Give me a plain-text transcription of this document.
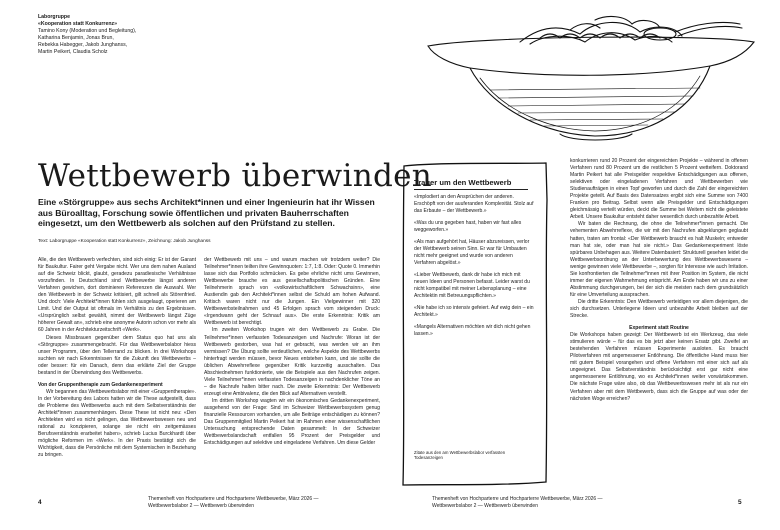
Laborgruppe
«Kooperation statt Konkurrenz»
Tamino Kony (Moderation und Begleitung),
Katharina Benjamin, Jonas Brun,
Rebekka Habegger, Jakob Junghanss,
Martin Peikert, Claudia Scholz
Wettbewerb überwinden
Eine «Störgruppe» aus sechs Architekt*innen und einer Ingenieurin hat ihr Wissen aus Büroalltag, Forschung sowie öffentlichen und privaten Bauherrschaften eingesetzt, um den Wettbewerb als solchen auf den Prüfstand zu stellen.
Text: Laborgruppe «Kooperation statt Konkurrenz», Zeichnung: Jakob Junghanss

Alle, die den Wettbewerb verfechten, sind sich einig: Er ist der Garant für Baukultur. Fairer geht Vergabe nicht. Wer uns dem nahen Ausland auf die Schweiz blickt, glaubt, geradezu paradiesische Verhältnisse vorzufinden. In Deutschland sind Wettbewerbe längst anderen Verfahren gewichen, dort dominieren Referenzen die Auswahl. Wer den Wettbewerb in der Schweiz kritisiert, gilt schnell als Störenfried. Und doch: Viele Architekt*innen fühlen sich ausgelaugt, operieren am Limit. Und der Output ist oftmals im Verhältnis zu den Ergebnissen. «Ursprünglich selbst gewählt, nimmt der Wettbewerb längst Züge höherer Gewalt an», schrieb eine anonyme Autorin schon vor mehr als 60 Jahren in der Architekturzeitschrift «Werk».

Dieses Missbrauen gegenüber dem Status quo hat uns als «Störgruppe» zusammengebracht. Für das Wettbewerbslabor hiess unser Programm, über den Tellerrand zu blicken. In drei Workshops suchten wir nach Erkenntnissen für die Zukunft des Wettbewerbs – oder besser: für ein Danach, denn das erklärte Ziel der Gruppe bestand in der Überwindung des Wettbewerbs.

Von der Gruppentherapie zum Gedankenexperiment

Wir begannen das Wettbewerbslabor mit einer «Gruppentherapie». In der Vorbereitung des Labors hatten wir die These aufgestellt, dass die Probleme des Wettbewerbs auch mit dem Selbstverständnis der Architekt*innen zusammenhängen. Diese These ist nicht neu: «Den Architekten wird es nicht gelingen, das Wettbewerbswesen neu und rational zu konzipieren, solange sie nicht ein zeitgemässes Berufsverständnis erarbeitet haben», schrieb Lucius Burckhardt über mögliche Reformen im «Werk». In der Praxis bestätigt sich die Wichtigkeit, dass die Persönliche mit dem Systemischen in Beziehung zu bringen.

der Wettbewerb mit uns – und warum machen wir trotzdem weiter? Die Teilnehmer*innen teilten ihre Gewinnquoten: 1:7, 1:8. Oder: Quote 0. Immerhin lasse sich das Portfolio schmücken. Es gebe ehrliche nicht ums Gewinnen, Wettbewerbe brauche es aus gesellschaftspolitischen Gründen. Eine Teilnehmerin sprach von «volkswirtschaftlichem Schwachsinn», eine Austiendin gab den Architekt*innen selbst die Schuld am hohen Aufwand. Kritisch waren nicht nur die Jungen. Ein Vielgewinner mit 320 Wettbewerbsteilnahmen und 45 Erfolgen sprach vom steigenden Druck: «Irgendwann geht der Schnauf aus». Die erste Erkenntnis: Kritik am Wettbewerb ist berechtigt.

Im zweiten Workshop trugen wir den Wettbewerb zu Grabe. Die Teilnehmer*innen verfassten Todesanzeigen und Nachrufe: Woran ist der Wettbewerb gestorben, was hat er gebracht, was werden wir an ihm vermissen? Die Übung sollte verdeutlichen, welche Aspekte des Wettbewerbs hinterfragt werden müssen, bevor Neues entstehen kann, und sie sollte die üblichen Abwehrreflexe gegenüber Kritik kurzzeitig ausschalten. Das Abschiednehmen funktionierte, wie die Beispiele aus den Nachrufen zeigen. Viele Teilnehmer*innen verfassten Todesanzeigen in nachdenklicher Töne an – die Nachrufe halten bitter nach. Die zweite Erkenntnis: Der Wettbewerb erzeugt eine Ambivalenz, die den Blick auf Alternativen verstellt.

Im dritten Workshop wagten wir ein ökonomisches Gedankenexperiment, ausgehend von der Frage: Sind im Schweizer Wettbewerbssystem genug finanzielle Ressourcen vorhanden, um alle Beiträge entschädigen zu können? Das Gruppenmitglied Martin Peikert hat im Rahmen einer wissenschaftlichen Untersuchung entsprechende Daten gesammelt: In der Schweizer Wettbewerbslandschaft entfallen 95 Prozent der Preisgelder und Entschädigungen auf selektive und eingeladene Verfahren. Um diese Gelder

Trauer um den Wettbewerb

«Implodiert an den Ansprüchen der anderen. Erschöpft von der auuferanden Komplexität. Stolz auf das Erbaute – der Wettbewerb.»

«Was du uns gegeben hast, haben wir fast alles weggeworfen.»

«Als man aufgehört hat, Häuser abzureissen, verlor der Wettbewerb seinen Sinn. Er war für Umbauten nicht mehr geeignet und wurde von anderen Verfahren abgelöst.»

«Lieber Wettbewerb, dank dir habe ich mich mit neuen Ideen und Personen befasst. Leider warst du nicht kompatibel mit meiner Lebensplanung – eine Architektin mit Betreuungspflichten.»

«Nie habe ich so intensiv gefeiert. Auf ewig dein – ein Architekt.»

«Mangels Alternativen möchten wir dich nicht gehen lassen.»

Zitate aus den am Wettbewerbslabor verfassten Todesanzeigen

konkurrieren rund 20 Prozent der eingereichten Projekte – während in offenen Verfahren rund 80 Prozent um die restlichen 5 Prozent wetteifern. Doktorand Martin Peikert hat alle Preisgelder respektive Entschädigungen aus offenen, selektiven oder eingeladenen Verfahren und Wettbewerben wie Studienaufträgen in einen Topf geworfen und durch die Zahl der eingereichten Projekte geteilt. Auf Basis des Datensatzes ergibt sich eine Summe von 7400 Franken pro Beitrag. Selbst wenn alle Preisgelder und Entschädigungen gleichmässig verteilt würden, deckt die Summe bei Weitem nicht die geleistete Arbeit. Unsere Baukultur entsteht daher wesentlich durch unbezahlte Arbeit.

Wir baten die Rechnung, die ohne die Teilnehmer*innen gemacht. Die vehementen Abwehrreflexe, die wir mit den Nachrufen abgeklungen geglaubt hatten, traten am frontal: «Der Wettbewerb braucht es halt Muskeln; entweder man hat sie, oder man hat sie nicht.» Das Gedankenexperiment löste spürbares Unbehagen aus. Weitere Datenbasiert: Strukturell gesehen leidet die Wettbewerbsordnung an der Unterbewertung des Wettbewerbswesens – wenige gewinnen viele Wettbewerbe –, sorgten für Interesse wie auch Irritation. Sie konfrontierten die Teilnehmer*innen mit ihrer Position im System, die nicht immer der eigenen Wahrnehmung entspricht. Am Ende haben wir uns zu einer Abstimmung durchgerungen, bei der sich die meisten nach dem grundsätzlich für eine Umverteilung aussprachen.

Die dritte Erkenntnis: Den Wettbewerb verteidigen vor allem diejenigen, die sich durchsetzen. Unterlegene Ideen und unbezahlte Arbeit bleiben auf der Strecke.

Experiment statt Routine

Die Workshops haben gezeigt: Der Wettbewerb ist ein Werkzeug, das viele stimulieren würde – für das es bis jetzt aber keinen Ersatz gibt. Zweifel an bestehenden Verfahren müssen Experimente ausloten. Es braucht Pilotverfahren mit angemessener Entlöhnung. Die öffentliche Hand muss hier mit gutem Beispiel vorangehen und offene Verfahren mit einer sich auf als ungeeignet. Das Selbstverständnis berücksichtigt erst gar nicht eine angemessenere Entlöhnung, wo es Architekt*innen weiter vorwärtskommen. Die nächste Frage wäre also, ob das Wettbewerbswesen mehr ist als nur ein Verfahren aber mit dem Wettbewerb, dass sich die Gruppe auf was oder der nächsten Woge erreichen?

4	Themenheft von Hochparterre und Hochparterre Wettbewerbe, März 2026 —
Wettbewerbslabor 2 — Wettbewerb überwinden
Themenheft von Hochparterre und Hochparterre Wettbewerbe, März 2026 —
Wettbewerbslabor 2 — Wettbewerb überwinden	5
